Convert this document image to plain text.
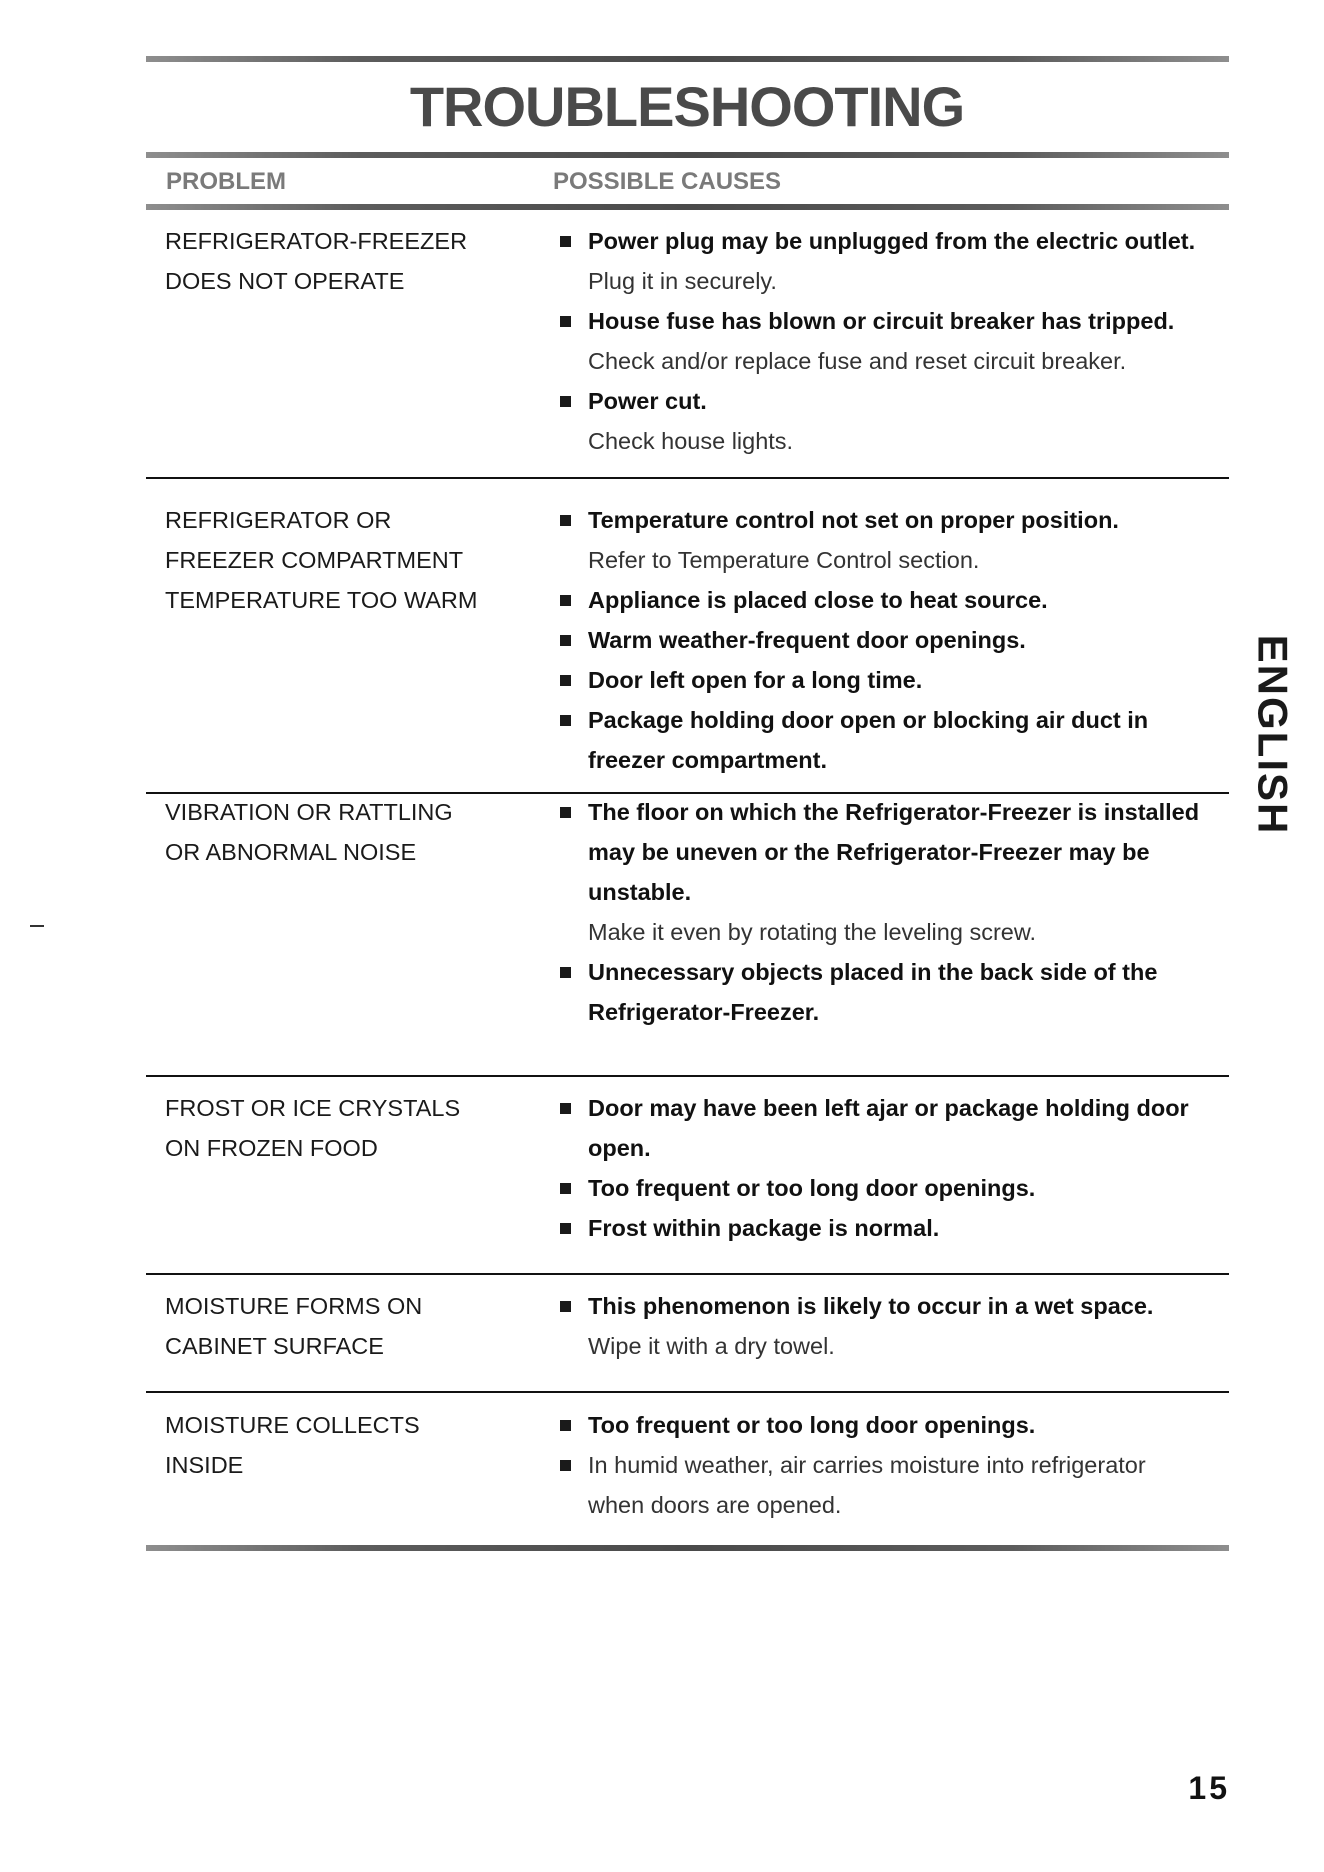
TROUBLESHOOTING
PROBLEM	POSSIBLE CAUSES
REFRIGERATOR-FREEZER
DOES NOT OPERATE
Power plug may be unplugged from the electric outlet.
Plug it in securely.
House fuse has blown or circuit breaker has tripped.
Check and/or replace fuse and reset circuit breaker.
Power cut.
Check house lights.
REFRIGERATOR OR
FREEZER COMPARTMENT
TEMPERATURE TOO WARM
Temperature control not set on proper position.
Refer to Temperature Control section.
Appliance is placed close to heat source.
Warm weather-frequent door openings.
Door left open for a long time.
Package holding door open or blocking air duct in
freezer compartment.
VIBRATION OR RATTLING
OR ABNORMAL NOISE
The floor on which the Refrigerator-Freezer is installed
may be uneven or the Refrigerator-Freezer may be
unstable.
Make it even by rotating the leveling screw.
Unnecessary objects placed in the back side of the
Refrigerator-Freezer.
FROST OR ICE CRYSTALS
ON FROZEN FOOD
Door may have been left ajar or package holding door
open.
Too frequent or too long door openings.
Frost within package is normal.
MOISTURE FORMS ON
CABINET SURFACE
This phenomenon is likely to occur in a wet space.
Wipe it with a dry towel.
MOISTURE COLLECTS
INSIDE
Too frequent or too long door openings.
In humid weather, air carries moisture into refrigerator
when doors are opened.
ENGLISH
15
